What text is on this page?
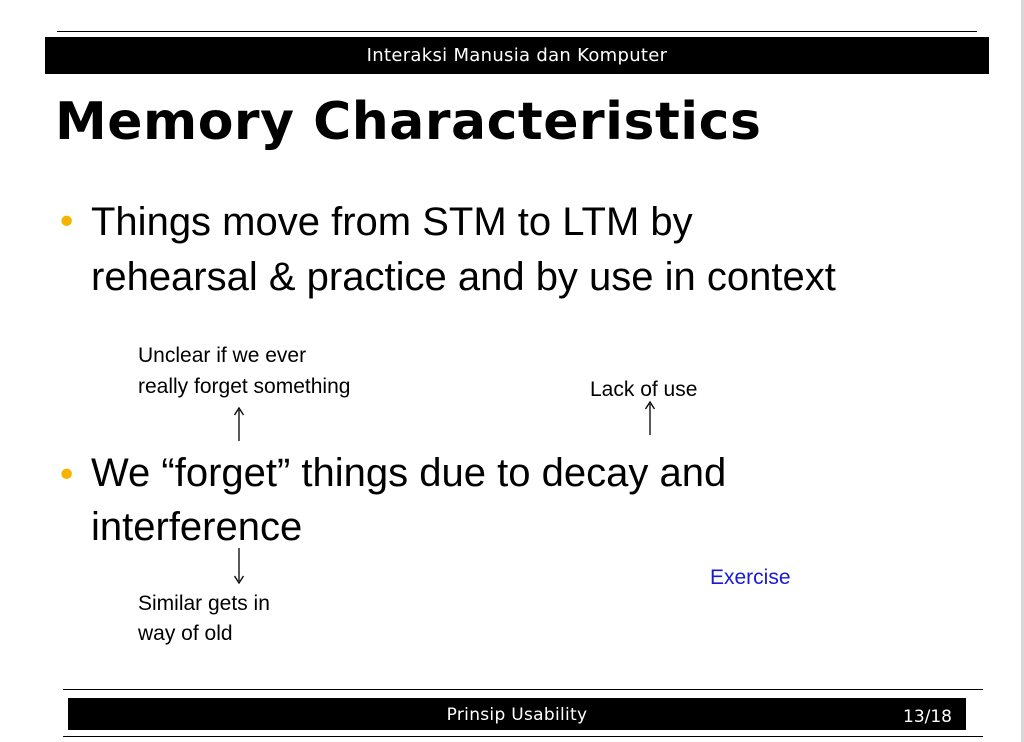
Interaksi Manusia dan Komputer
Memory Characteristics
• Things move from STM to LTM by
rehearsal & practice and by use in context
Unclear if we ever
really forget something	Lack of use
• We “forget” things due to decay and
interference
Exercise
Similar gets in
way of old
Prinsip Usability	13/18
